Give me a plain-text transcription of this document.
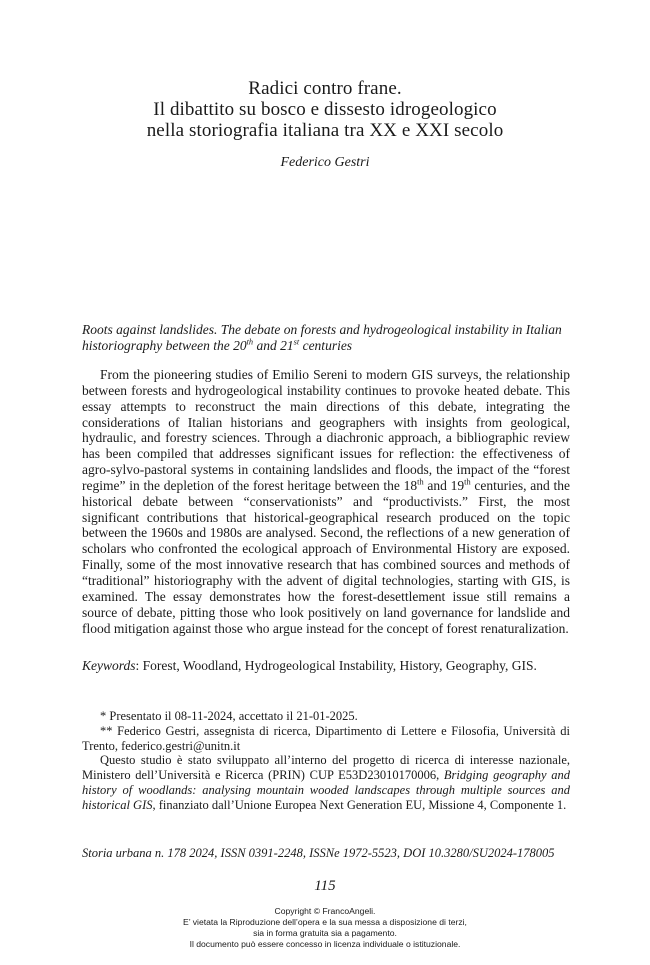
Radici contro frane.
Il dibattito su bosco e dissesto idrogeologico
nella storiografia italiana tra XX e XXI secolo
Federico Gestri
Roots against landslides. The debate on forests and hydrogeological instability in Italian historiography between the 20th and 21st centuries
From the pioneering studies of Emilio Sereni to modern GIS surveys, the relationship between forests and hydrogeological instability continues to provoke heated debate. This essay attempts to reconstruct the main directions of this debate, integrating the considerations of Italian historians and geographers with insights from geological, hydraulic, and forestry sciences. Through a diachronic approach, a bibliographic review has been compiled that addresses significant issues for reflection: the effectiveness of agro-sylvo-pastoral systems in containing landslides and floods, the impact of the “forest regime” in the depletion of the forest heritage between the 18th and 19th centuries, and the historical debate between “conservationists” and “productivists.” First, the most significant contributions that historical-geographical research produced on the topic between the 1960s and 1980s are analysed. Second, the reflections of a new generation of scholars who confronted the ecological approach of Environmental History are exposed. Finally, some of the most innovative research that has combined sources and methods of “traditional” historiography with the advent of digital technologies, starting with GIS, is examined. The essay demonstrates how the forest-desettlement issue still remains a source of debate, pitting those who look positively on land governance for landslide and flood mitigation against those who argue instead for the concept of forest renaturalization.
Keywords: Forest, Woodland, Hydrogeological Instability, History, Geography, GIS.

* Presentato il 08-11-2024, accettato il 21-01-2025.

** Federico Gestri, assegnista di ricerca, Dipartimento di Lettere e Filosofia, Università di Trento, federico.gestri@unitn.it

Questo studio è stato sviluppato all’interno del progetto di ricerca di interesse nazionale, Ministero dell’Università e Ricerca (PRIN) CUP E53D23010170006, Bridging geography and history of woodlands: analysing mountain wooded landscapes through multiple sources and historical GIS, finanziato dall’Unione Europea Next Generation EU, Missione 4, Componente 1.

Storia urbana n. 178 2024, ISSN 0391-2248, ISSNe 1972-5523, DOI 10.3280/SU2024-178005
115
Copyright © FrancoAngeli.
E’ vietata la Riproduzione dell’opera e la sua messa a disposizione di terzi,
sia in forma gratuita sia a pagamento.
Il documento può essere concesso in licenza individuale o istituzionale.
